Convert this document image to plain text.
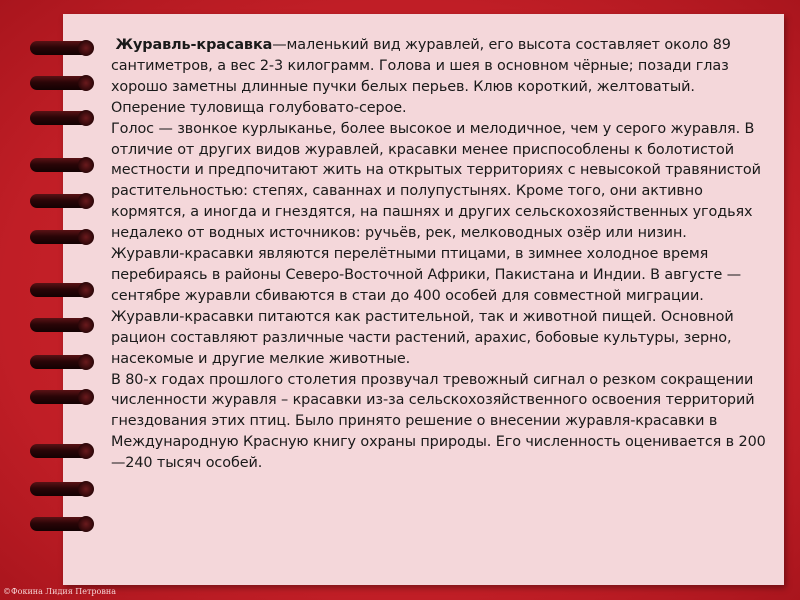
Журавль-красавка—маленький вид журавлей, его высота составляет около 89 сантиметров, а вес 2-3 килограмм. Голова и шея в основном чёрные; позади глаз хорошо заметны длинные пучки белых перьев. Клюв короткий, желтоватый. Оперение туловища голубовато-серое.

Голос — звонкое курлыканье, более высокое и мелодичное, чем у серого журавля. В отличие от других видов журавлей, красавки менее приспособлены к болотистой местности и предпочитают жить на открытых территориях с невысокой травянистой растительностью: степях, саваннах и полупустынях. Кроме того, они активно кормятся, а иногда и гнездятся, на пашнях и других сельскохозяйственных угодьях недалеко от водных источников: ручьёв, рек, мелководных озёр или низин.

Журавли-красавки являются перелётными птицами, в зимнее холодное время перебираясь в районы Северо-Восточной Африки, Пакистана и Индии. В августе — сентябре журавли сбиваются в стаи до 400 особей для совместной миграции.

Журавли-красавки питаются как растительной, так и животной пищей. Основной рацион составляют различные части растений, арахис, бобовые культуры, зерно, насекомые и другие мелкие животные.

В 80-х годах прошлого столетия прозвучал тревожный сигнал о резком сокращении численности журавля – красавки из-за сельскохозяйственного освоения территорий гнездования этих птиц. Было принято решение о внесении журавля-красавки в Международную Красную книгу охраны природы. Его численность оценивается в 200—240 тысяч особей.

©Фокина Лидия Петровна
